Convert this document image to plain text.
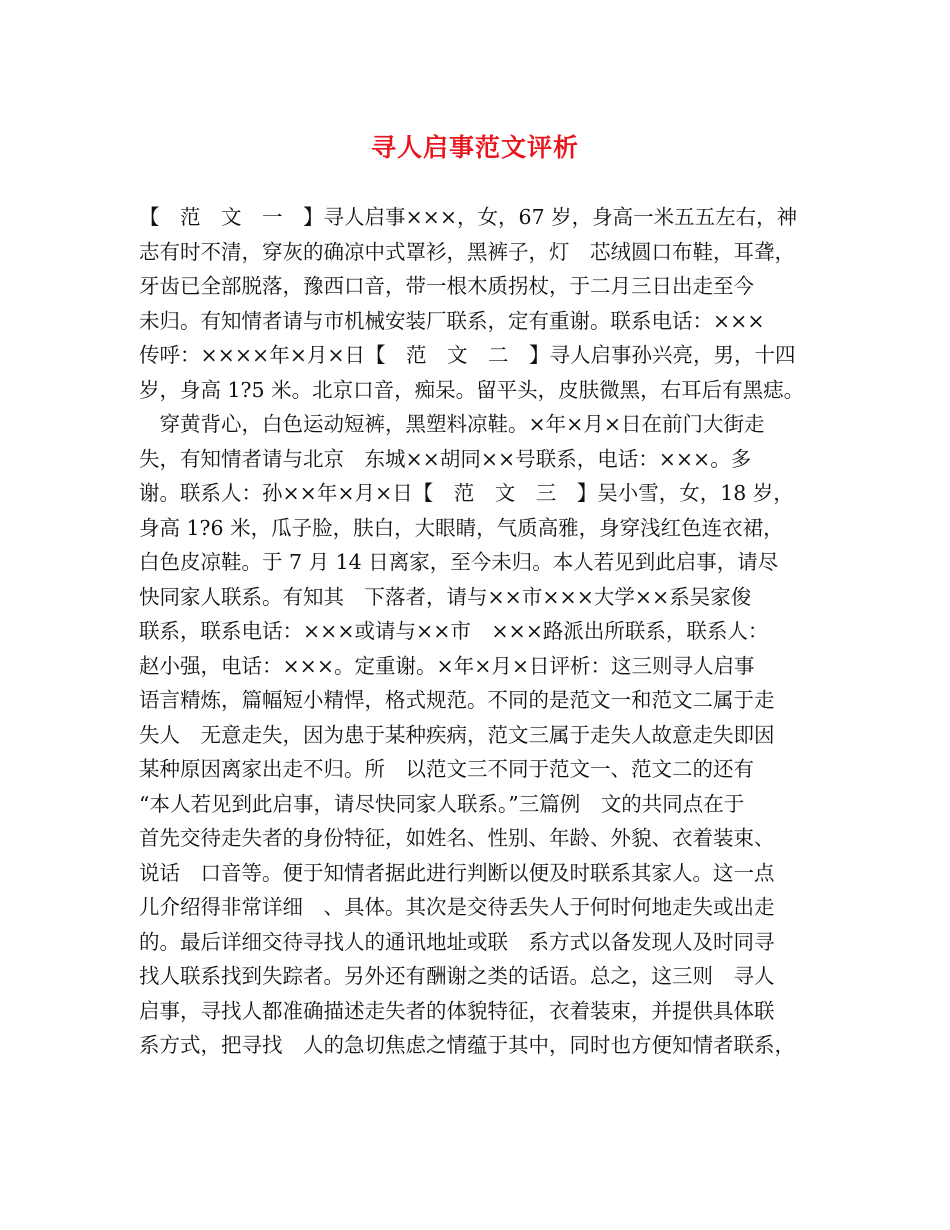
寻人启事范文评析
【　范　文　一　】寻人启事×××，女，67 岁，身高一米五五左右，神
志有时不清，穿灰的确凉中式罩衫，黑裤子，灯　芯绒圆口布鞋，耳聋，
牙齿已全部脱落，豫西口音，带一根木质拐杖，于二月三日出走至今
未归。有知情者请与市机械安装厂联系，定有重谢。联系电话：×××
传呼：××××年×月×日【　范　文　二　】寻人启事孙兴亮，男，十四
岁，身高 1?5 米。北京口音，痴呆。留平头，皮肤微黑，右耳后有黑痣。
　穿黄背心，白色运动短裤，黑塑料凉鞋。×年×月×日在前门大街走
失，有知情者请与北京　东城××胡同××号联系，电话：×××。多
谢。联系人：孙××年×月×日【　范　文　三　】吴小雪，女，18 岁，
身高 1?6 米，瓜子脸，肤白，大眼睛，气质高雅，身穿浅红色连衣裙，
白色皮凉鞋。于 7 月 14 日离家，至今未归。本人若见到此启事，请尽
快同家人联系。有知其　下落者，请与××市×××大学××系吴家俊
联系，联系电话：×××或请与××市　×××路派出所联系，联系人：
赵小强，电话：×××。定重谢。×年×月×日评析：这三则寻人启事
语言精炼，篇幅短小精悍，格式规范。不同的是范文一和范文二属于走
失人　无意走失，因为患于某种疾病，范文三属于走失人故意走失即因
某种原因离家出走不归。所　以范文三不同于范文一、范文二的还有
“本人若见到此启事，请尽快同家人联系。”三篇例　文的共同点在于
首先交待走失者的身份特征，如姓名、性别、年龄、外貌、衣着装束、
说话　口音等。便于知情者据此进行判断以便及时联系其家人。这一点
儿介绍得非常详细　、具体。其次是交待丢失人于何时何地走失或出走
的。最后详细交待寻找人的通讯地址或联　系方式以备发现人及时同寻
找人联系找到失踪者。另外还有酬谢之类的话语。总之，这三则　寻人
启事，寻找人都准确描述走失者的体貌特征，衣着装束，并提供具体联
系方式，把寻找　人的急切焦虑之情蕴于其中，同时也方便知情者联系，
